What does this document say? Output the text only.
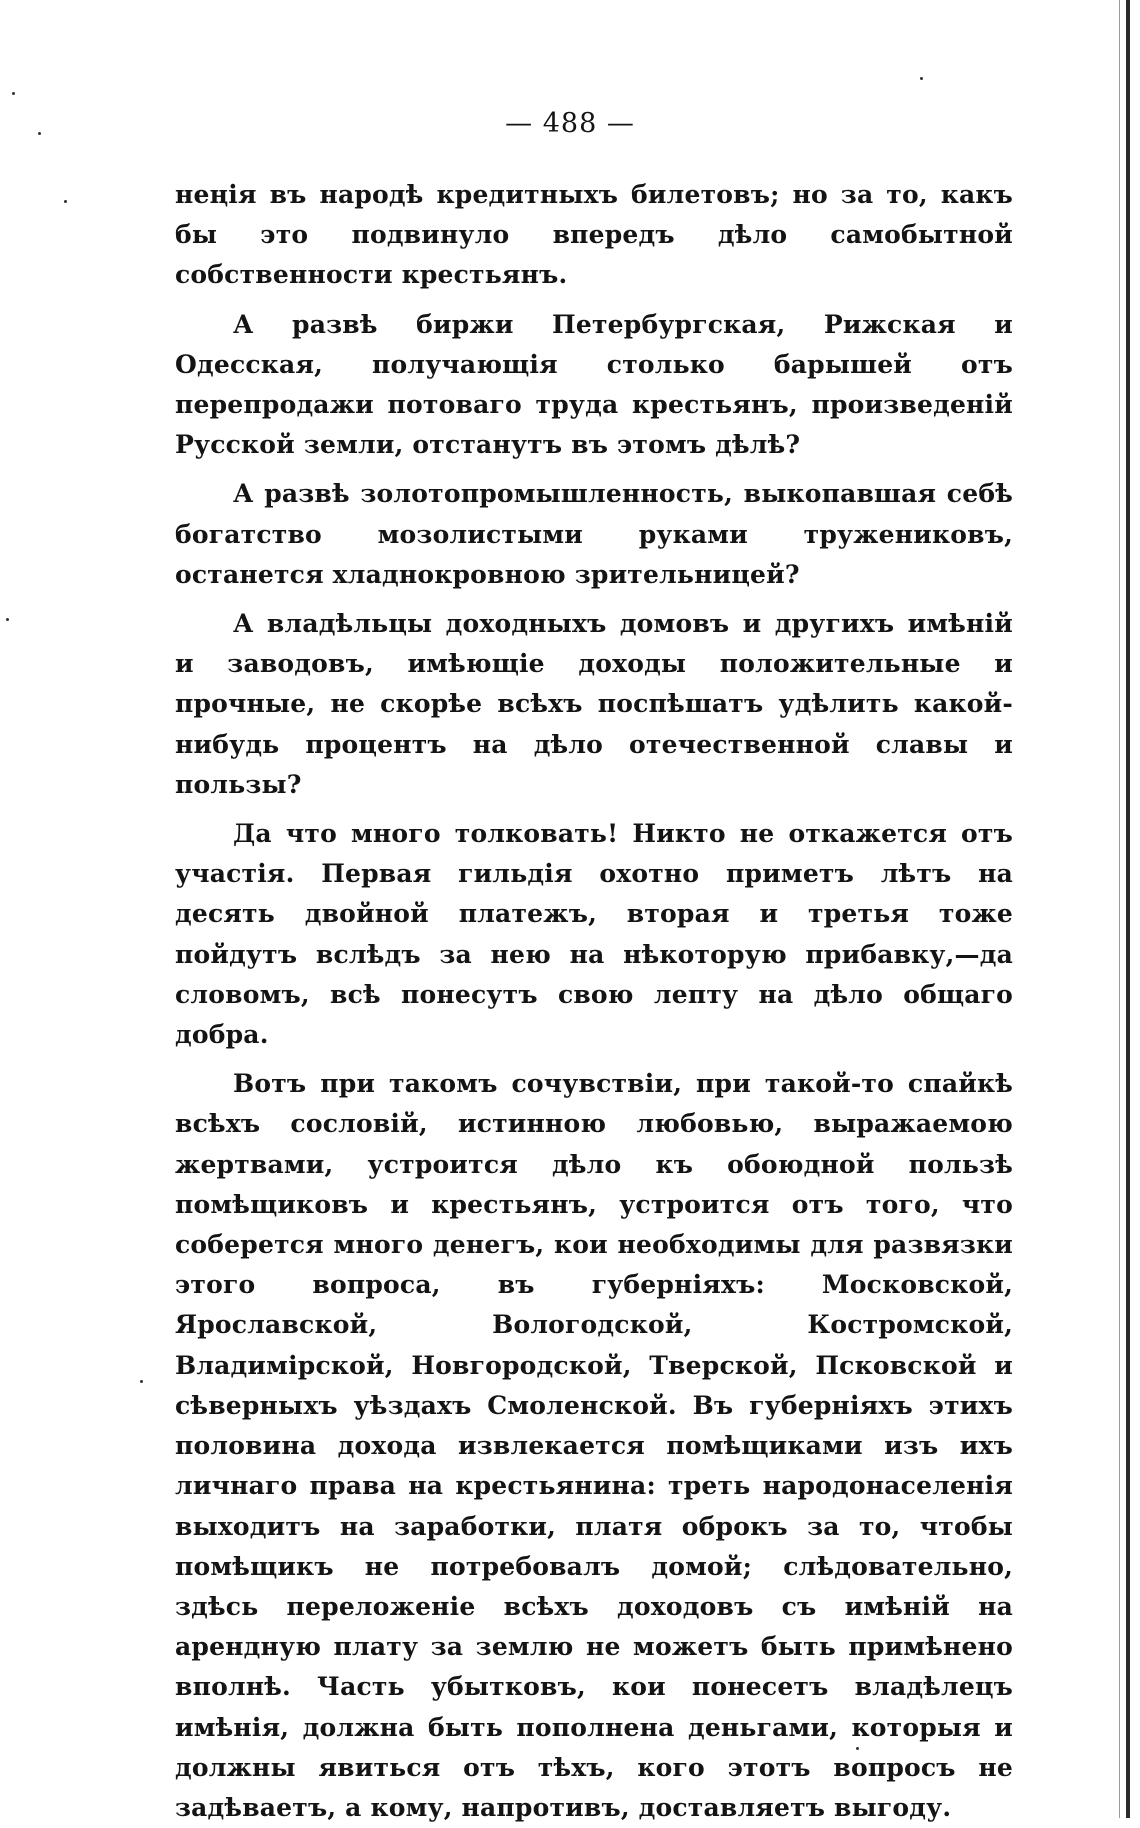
— 488 —

неңія въ народѣ кредитныхъ билетовъ; но за то, какъ бы это подвинуло впередъ дѣло самобытной собственности крестьянъ.

А развѣ биржи Петербургская, Рижская и Одесская, получающія столько барышей отъ перепродажи потоваго труда крестьянъ, произведеній Русской земли, отстанутъ въ этомъ дѣлѣ?

А развѣ золотопромышленность, выкопавшая себѣ богатство мозолистыми руками тружениковъ, останется хладнокровною зрительницей?

А владѣльцы доходныхъ домовъ и другихъ имѣній и заводовъ, имѣющіе доходы положительные и прочные, не скорѣе всѣхъ поспѣшатъ удѣлить какой-нибудь процентъ на дѣло отечественной славы и пользы?

Да что много толковать! Никто не откажется отъ участія. Первая гильдія охотно приметъ лѣтъ на десять двойной платежъ, вторая и третья тоже пойдутъ вслѣдъ за нею на нѣкоторую прибавку,—да словомъ, всѣ понесутъ свою лепту на дѣло общаго добра.

Вотъ при такомъ сочувствіи, при такой-то спайкѣ всѣхъ сословій, истинною любовью, выражаемою жертвами, устроится дѣло къ обоюдной пользѣ помѣщиковъ и крестьянъ, устроится отъ того, что соберется много денегъ, кои необходимы для развязки этого вопроса, въ губерніяхъ: Московской, Ярославской, Вологодской, Костромской, Владимірской, Новгородской, Тверской, Псковской и сѣверныхъ уѣздахъ Смоленской. Въ губерніяхъ этихъ половина дохода извлекается помѣщиками изъ ихъ личнаго права на крестьянина: треть народонаселенія выходитъ на заработки, платя оброкъ за то, чтобы помѣщикъ не потребовалъ домой; слѣдовательно, здѣсь переложеніе всѣхъ доходовъ съ имѣній на арендную плату за землю не можетъ быть примѣнено вполнѣ. Часть убытковъ, кои понесетъ владѣлецъ имѣнія, должна быть пополнена деньгами, которыя и должны явиться отъ тѣхъ, кого этотъ вопросъ не задѣваетъ, а кому, напротивъ, доставляетъ выгоду.
